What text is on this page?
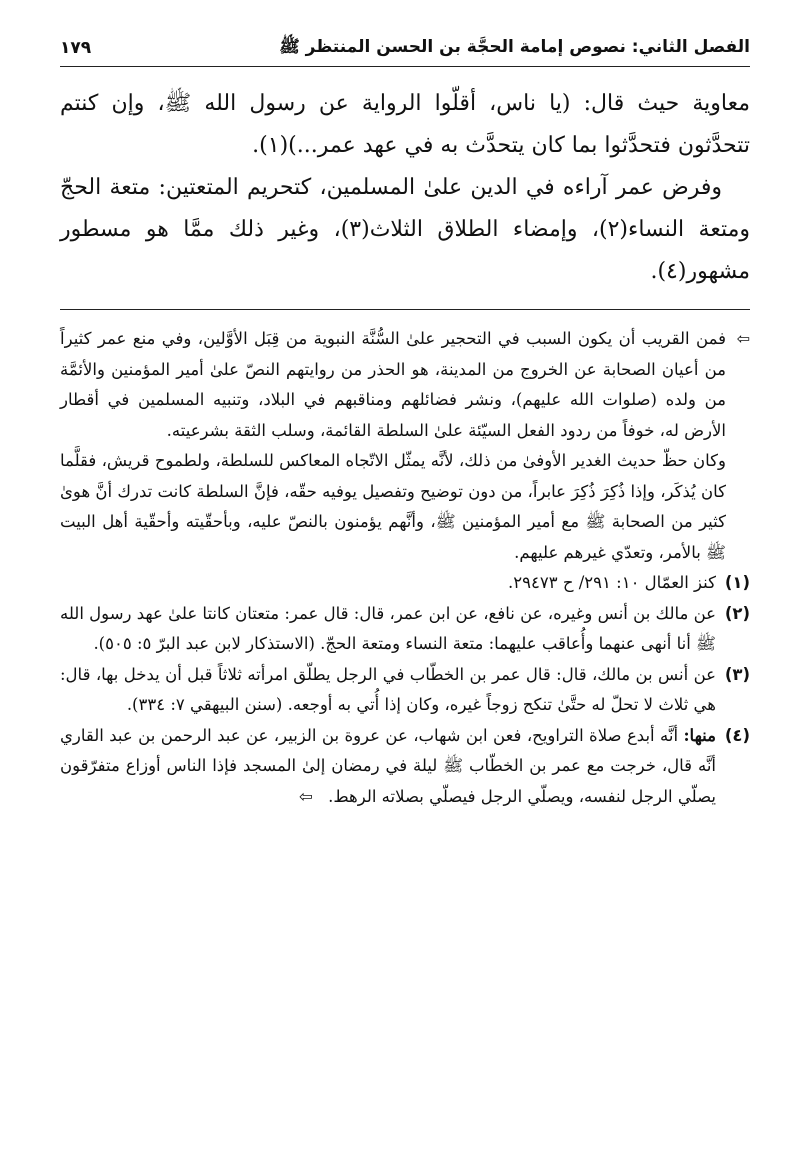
الفصل الثاني: نصوص إمامة الحجَّة بن الحسن المنتظر ﷺ
١٧٩

معاوية حيث قال: (يا ناس، أقلّوا الرواية عن رسول الله ﷺ، وإن كنتم تتحدَّثون فتحدَّثوا بما كان يتحدَّث به في عهد عمر...)(١).

وفرض عمر آراءه في الدين علىٰ المسلمين، كتحريم المتعتين: متعة الحجّ ومتعة النساء(٢)، وإمضاء الطلاق الثلاث(٣)، وغير ذلك ممَّا هو مسطور مشهور(٤).

⇦

فمن القريب أن يكون السبب في التحجير علىٰ السُّنَّة النبوية من قِبَل الأوَّلين، وفي منع عمر كثيراً من أعيان الصحابة عن الخروج من المدينة، هو الحذر من روايتهم النصّ علىٰ أمير المؤمنين والأئمَّة من ولده (صلوات الله عليهم)، ونشر فضائلهم ومناقبهم في البلاد، وتنبيه المسلمين في أقطار الأرض له، خوفاً من ردود الفعل السيّئة علىٰ السلطة القائمة، وسلب الثقة بشرعيته.

وكان حظّ حديث الغدير الأوفىٰ من ذلك، لأنَّه يمثّل الاتّجاه المعاكس للسلطة، ولطموح قريش، فقلَّما كان يُذكَر، وإذا ذُكِرَ ذُكِرَ عابراً، من دون توضيح وتفصيل يوفيه حقّه، فإنَّ السلطة كانت تدرك أنَّ هوىٰ كثير من الصحابة ﷺ مع أمير المؤمنين ﷺ، وأنَّهم يؤمنون بالنصّ عليه، وبأحقّيته وأحقّية أهل البيت ﷺ بالأمر، وتعدّي غيرهم عليهم.

(١)

كنز العمّال ١٠: ٢٩١/ ح ٢٩٤٧٣.

(٢)

عن مالك بن أنس وغيره، عن نافع، عن ابن عمر، قال: قال عمر: متعتان كانتا علىٰ عهد رسول الله ﷺ أنا أنهى عنهما وأُعاقب عليهما: متعة النساء ومتعة الحجّ. (الاستذكار لابن عبد البرّ ٥: ٥٠٥).

(٣)

عن أنس بن مالك، قال: قال عمر بن الخطّاب في الرجل يطلّق امرأته ثلاثاً قبل أن يدخل بها، قال: هي ثلاث لا تحلّ له حتَّىٰ تنكح زوجاً غيره، وكان إذا أُتي به أوجعه. (سنن البيهقي ٧: ٣٣٤).

(٤)

منها: أنَّه أبدع صلاة التراويح، فعن ابن شهاب، عن عروة بن الزبير، عن عبد الرحمن بن عبد القاري أنَّه قال، خرجت مع عمر بن الخطّاب ﷺ ليلة في رمضان إلىٰ المسجد فإذا الناس أوزاع متفرّقون يصلّي الرجل لنفسه، ويصلّي الرجل فيصلّي بصلاته الرهط. ⇦
